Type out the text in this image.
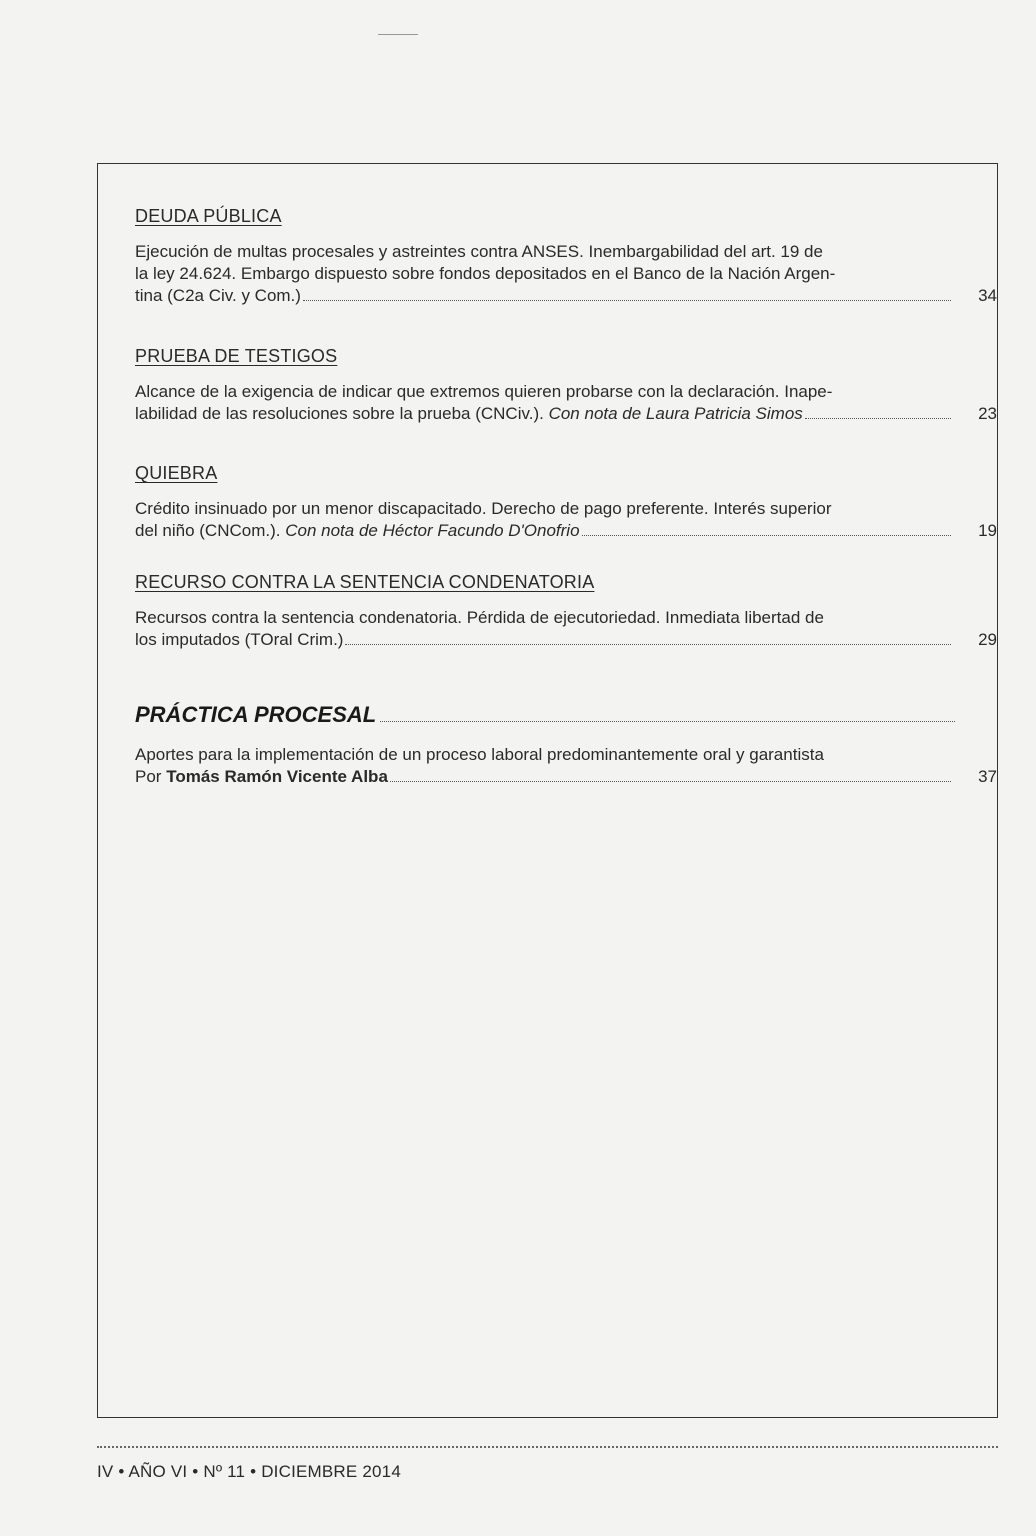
DEUDA PÚBLICA
Ejecución de multas procesales y astreintes contra ANSES. Inembargabilidad del art. 19 de
la ley 24.624. Embargo dispuesto sobre fondos depositados en el Banco de la Nación Argen-
tina (C2a Civ. y Com.)	34
PRUEBA DE TESTIGOS
Alcance de la exigencia de indicar que extremos quieren probarse con la declaración. Inape-
labilidad de las resoluciones sobre la prueba (CNCiv.).
Con nota de Laura Patricia Simos	23
QUIEBRA
Crédito insinuado por un menor discapacitado. Derecho de pago preferente. Interés superior
del niño (CNCom.).
Con nota de Héctor Facundo D'Onofrio	19
RECURSO CONTRA LA SENTENCIA CONDENATORIA
Recursos contra la sentencia condenatoria. Pérdida de ejecutoriedad. Inmediata libertad de
los imputados (TOral Crim.)	29
PRÁCTICA PROCESAL
Aportes para la implementación de un proceso laboral predominantemente oral y garantista
Por
Tomás Ramón Vicente Alba	37
IV • AÑO VI • Nº 11 • DICIEMBRE 2014
